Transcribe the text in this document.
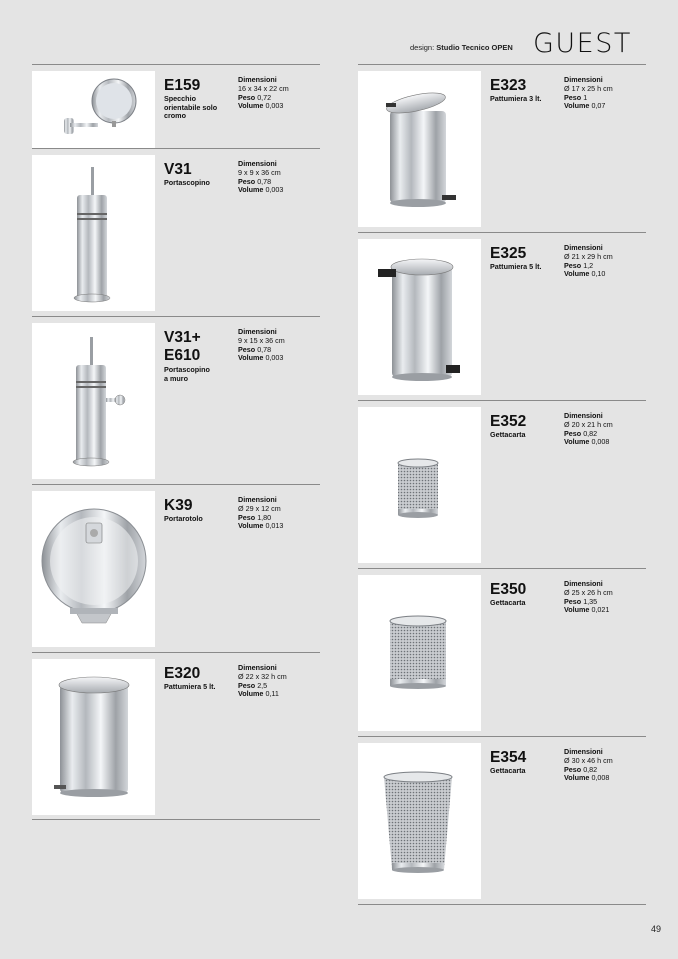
design: Studio Tecnico OPEN GUEST
E159
Specchio
orientabile solo
cromo
Dimensioni
16 x 34 x 22 cm
Peso 0,72
Volume 0,003
V31
Portascopino
Dimensioni
9 x 9 x 36 cm
Peso 0,78
Volume 0,003
V31+
E610
Portascopino
a muro
Dimensioni
9 x 15 x 36 cm
Peso 0,78
Volume 0,003
K39
Portarotolo
Dimensioni
Ø 29 x 12 cm
Peso 1,80
Volume 0,013
E320
Pattumiera 5 lt.
Dimensioni
Ø 22 x 32 h cm
Peso 2,5
Volume 0,11
E323
Pattumiera 3 lt.
Dimensioni
Ø 17 x 25 h cm
Peso 1
Volume 0,07
E325
Pattumiera 5 lt.
Dimensioni
Ø 21 x 29 h cm
Peso 1,2
Volume 0,10
E352
Gettacarta
Dimensioni
Ø 20 x 21 h cm
Peso 0,82
Volume 0,008
E350
Gettacarta
Dimensioni
Ø 25 x 26 h cm
Peso 1,35
Volume 0,021
E354
Gettacarta
Dimensioni
Ø 30 x 46 h cm
Peso 0,82
Volume 0,008
49
